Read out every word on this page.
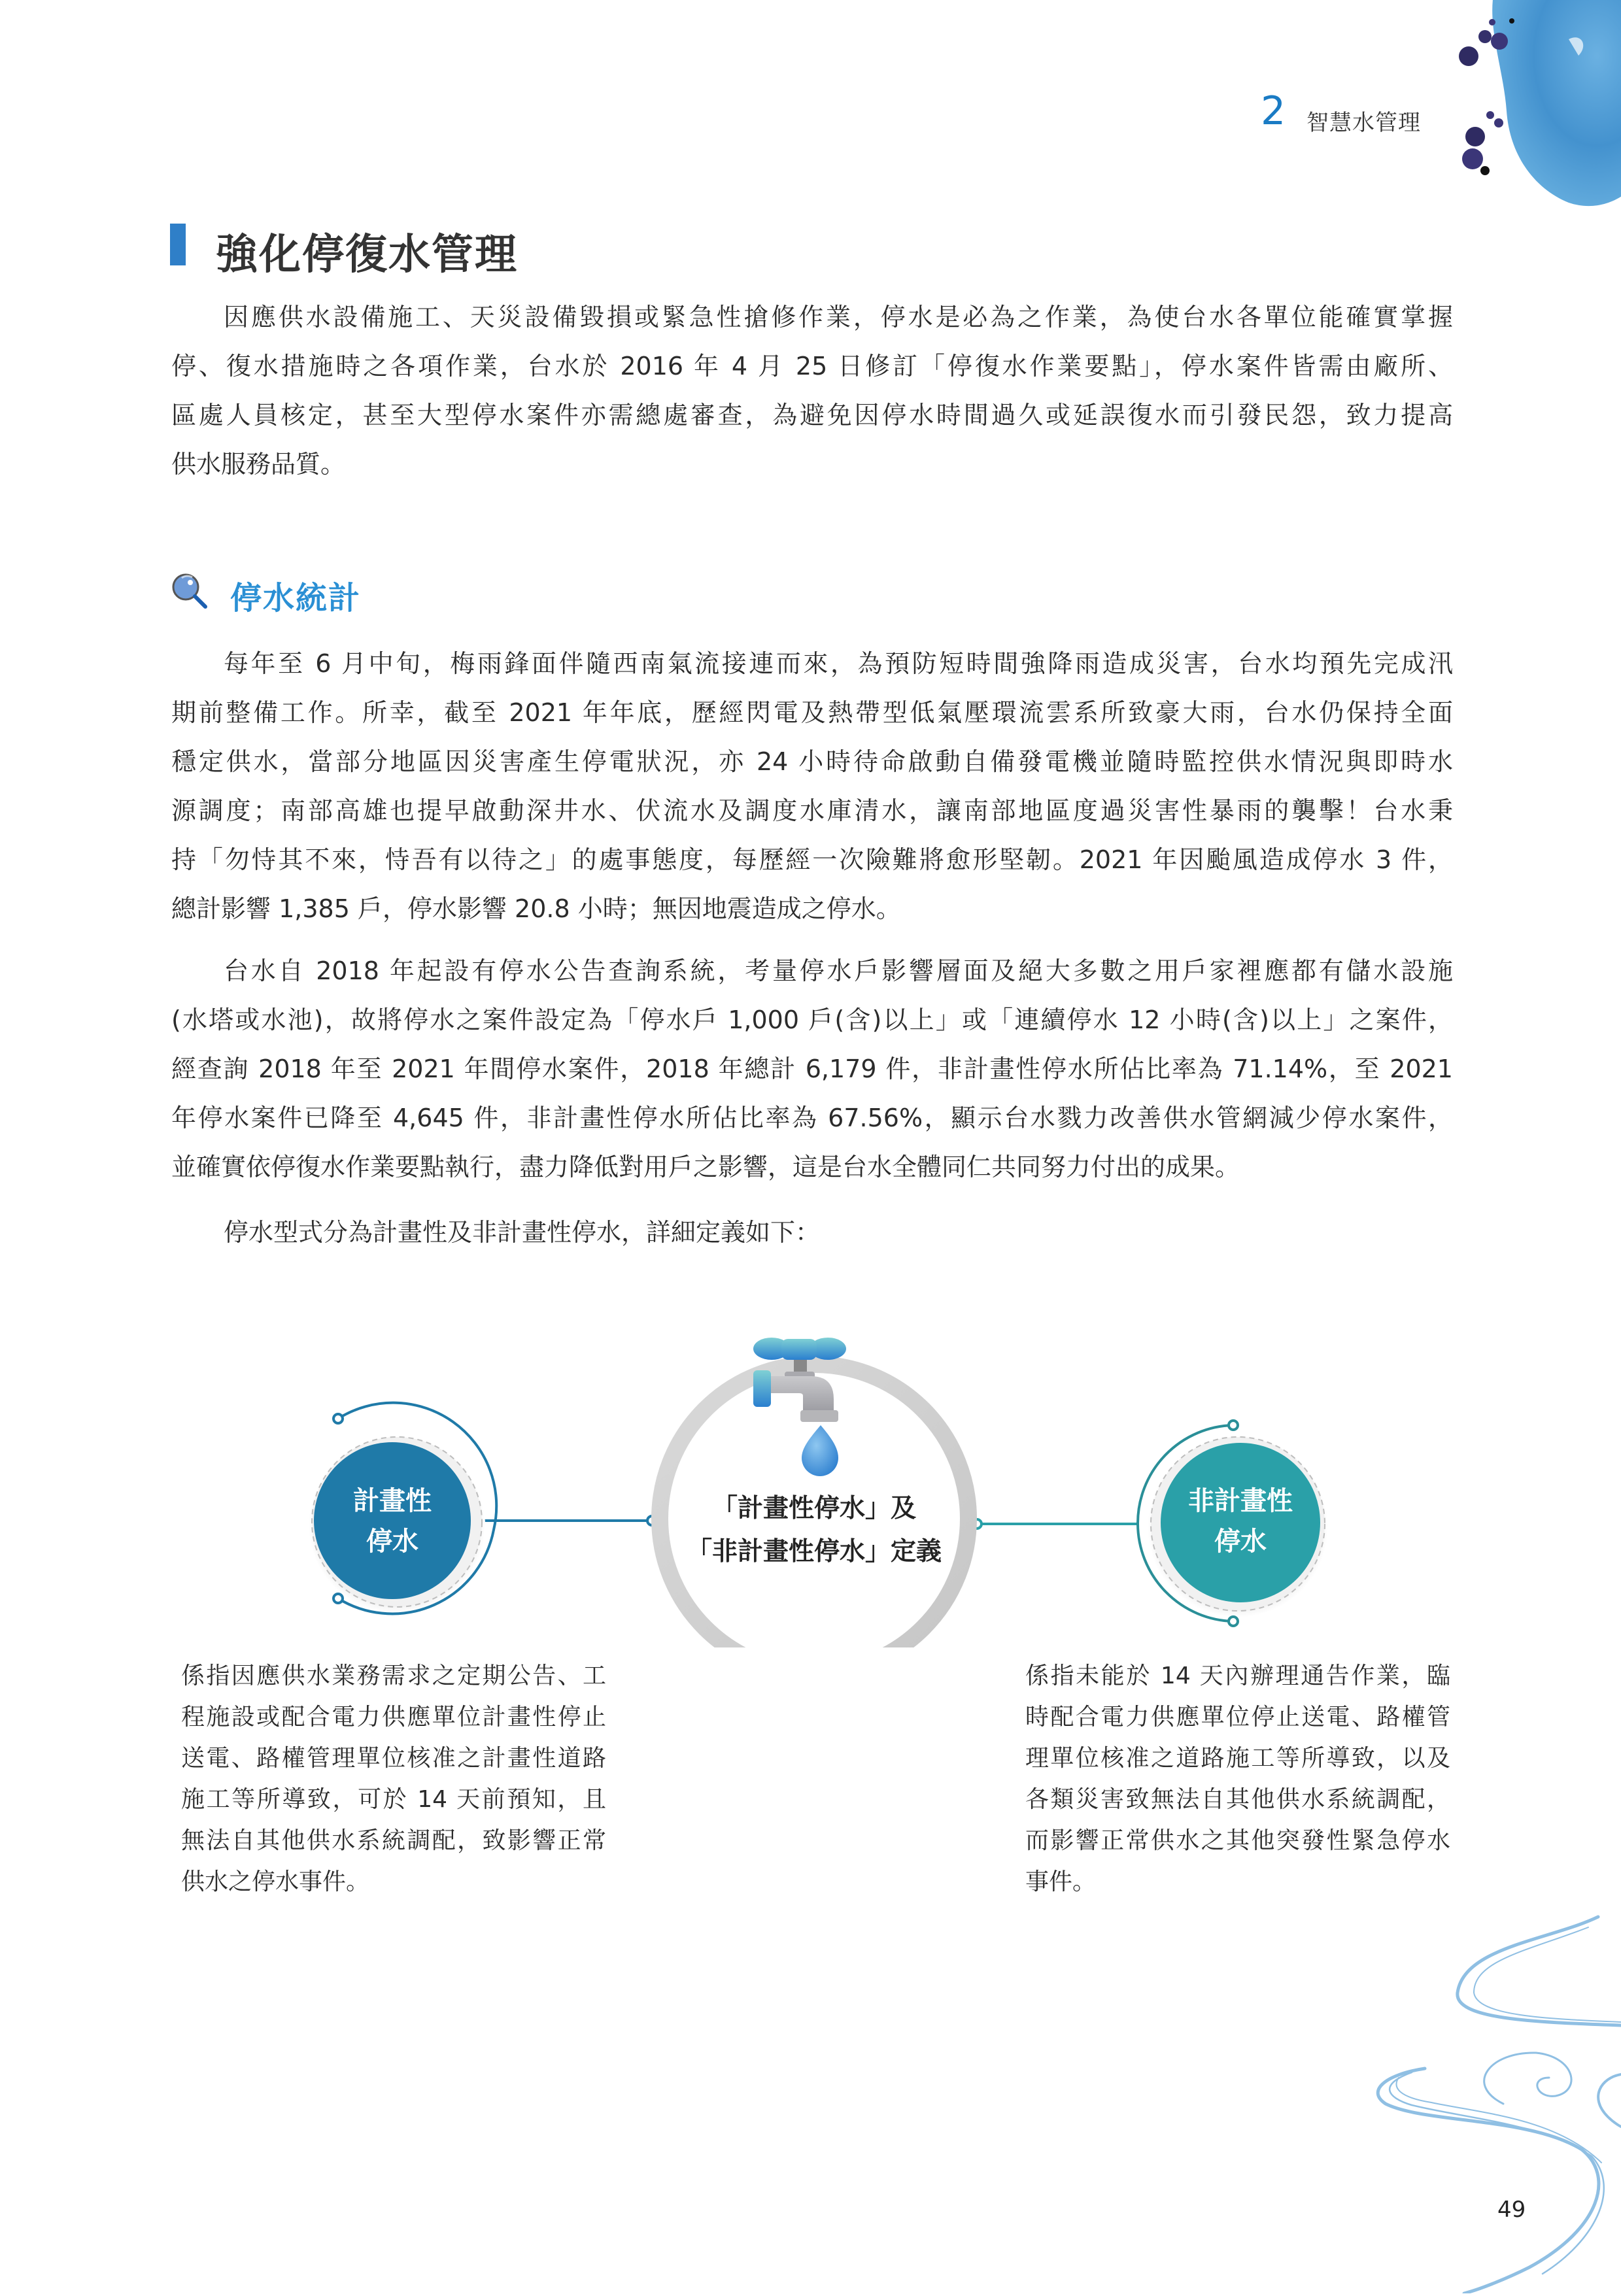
2 智慧水管理
強化停復水管理
因應供水設備施工、天災設備毀損或緊急性搶修作業，停水是必為之作業，為使台水各單位能確實掌握
停、復水措施時之各項作業，台水於 2016 年 4 月 25 日修訂「停復水作業要點」，停水案件皆需由廠所、
區處人員核定，甚至大型停水案件亦需總處審查，為避免因停水時間過久或延誤復水而引發民怨，致力提高
供水服務品質。
停水統計
每年至 6 月中旬，梅雨鋒面伴隨西南氣流接連而來，為預防短時間強降雨造成災害，台水均預先完成汛
期前整備工作。所幸，截至 2021 年年底，歷經閃電及熱帶型低氣壓環流雲系所致豪大雨，台水仍保持全面
穩定供水，當部分地區因災害產生停電狀況，亦 24 小時待命啟動自備發電機並隨時監控供水情況與即時水
源調度；南部高雄也提早啟動深井水、伏流水及調度水庫清水，讓南部地區度過災害性暴雨的襲擊！台水秉
持「勿恃其不來，恃吾有以待之」的處事態度，每歷經一次險難將愈形堅韌。2021 年因颱風造成停水 3 件，
總計影響 1,385 戶，停水影響 20.8 小時；無因地震造成之停水。
台水自 2018 年起設有停水公告查詢系統，考量停水戶影響層面及絕大多數之用戶家裡應都有儲水設施
(水塔或水池)，故將停水之案件設定為「停水戶 1,000 戶(含)以上」或「連續停水 12 小時(含)以上」之案件，
經查詢 2018 年至 2021 年間停水案件，2018 年總計 6,179 件，非計畫性停水所佔比率為 71.14%，至 2021
年停水案件已降至 4,645 件，非計畫性停水所佔比率為 67.56%，顯示台水戮力改善供水管網減少停水案件，
並確實依停復水作業要點執行，盡力降低對用戶之影響，這是台水全體同仁共同努力付出的成果。
停水型式分為計畫性及非計畫性停水，詳細定義如下：
計畫性
停水
非計畫性
停水
「計畫性停水」及
「非計畫性停水」定義
係指因應供水業務需求之定期公告、工
程施設或配合電力供應單位計畫性停止
送電、路權管理單位核准之計畫性道路
施工等所導致，可於 14 天前預知，且
無法自其他供水系統調配，致影響正常
供水之停水事件。
係指未能於 14 天內辦理通告作業，臨
時配合電力供應單位停止送電、路權管
理單位核准之道路施工等所導致，以及
各類災害致無法自其他供水系統調配，
而影響正常供水之其他突發性緊急停水
事件。
49
